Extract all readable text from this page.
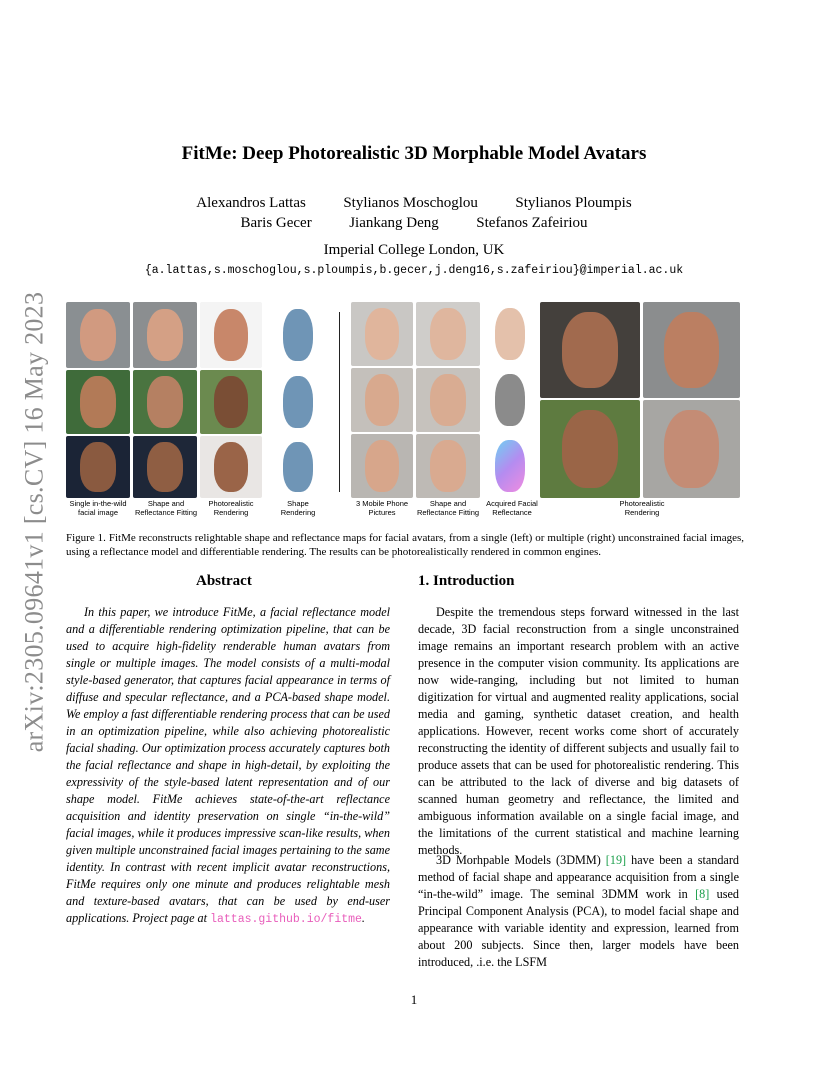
arXiv:2305.09641v1 [cs.CV] 16 May 2023
FitMe: Deep Photorealistic 3D Morphable Model Avatars
Alexandros Lattas          Stylianos Moschoglou          Stylianos Ploumpis
Baris Gecer          Jiankang Deng          Stefanos Zafeiriou
Imperial College London, UK
{a.lattas,s.moschoglou,s.ploumpis,b.gecer,j.deng16,s.zafeiriou}@imperial.ac.uk
Single in-the-wild
facial image
Shape and
Reflectance Fitting
Photorealistic
Rendering
Shape
Rendering
3 Mobile Phone
Pictures
Shape and
Reflectance Fitting
Acquired Facial
Reflectance
Photorealistic
Rendering
Figure 1. FitMe reconstructs relightable shape and reflectance maps for facial avatars, from a single (left) or multiple (right) unconstrained facial images, using a reflectance model and differentiable rendering. The results can be photorealistically rendered in common engines.
Abstract	1. Introduction
In this paper, we introduce FitMe, a facial reflectance model and a differentiable rendering optimization pipeline, that can be used to acquire high-fidelity renderable human avatars from single or multiple images. The model consists of a multi-modal style-based generator, that captures facial appearance in terms of diffuse and specular reflectance, and a PCA-based shape model. We employ a fast differentiable rendering process that can be used in an optimization pipeline, while also achieving photorealistic facial shading. Our optimization process accurately captures both the facial reflectance and shape in high-detail, by exploiting the expressivity of the style-based latent representation and of our shape model. FitMe achieves state-of-the-art reflectance acquisition and identity preservation on single “in-the-wild” facial images, while it produces impressive scan-like results, when given multiple unconstrained facial images pertaining to the same identity. In contrast with recent implicit avatar reconstructions, FitMe requires only one minute and produces relightable mesh and texture-based avatars, that can be used by end-user applications. Project page at lattas.github.io/fitme.
Despite the tremendous steps forward witnessed in the last decade, 3D facial reconstruction from a single unconstrained image remains an important research problem with an active presence in the computer vision community. Its applications are now wide-ranging, including but not limited to human digitization for virtual and augmented reality applications, social media and gaming, synthetic dataset creation, and health applications. However, recent works come short of accurately reconstructing the identity of different subjects and usually fail to produce assets that can be used for photorealistic rendering. This can be attributed to the lack of diverse and big datasets of scanned human geometry and reflectance, the limited and ambiguous information available on a single facial image, and the limitations of the current statistical and machine learning methods.
3D Morhpable Models (3DMM) [19] have been a standard method of facial shape and appearance acquisition from a single “in-the-wild” image. The seminal 3DMM work in [8] used Principal Component Analysis (PCA), to model facial shape and appearance with variable identity and expression, learned from about 200 subjects. Since then, larger models have been introduced, .i.e. the LSFM
1
